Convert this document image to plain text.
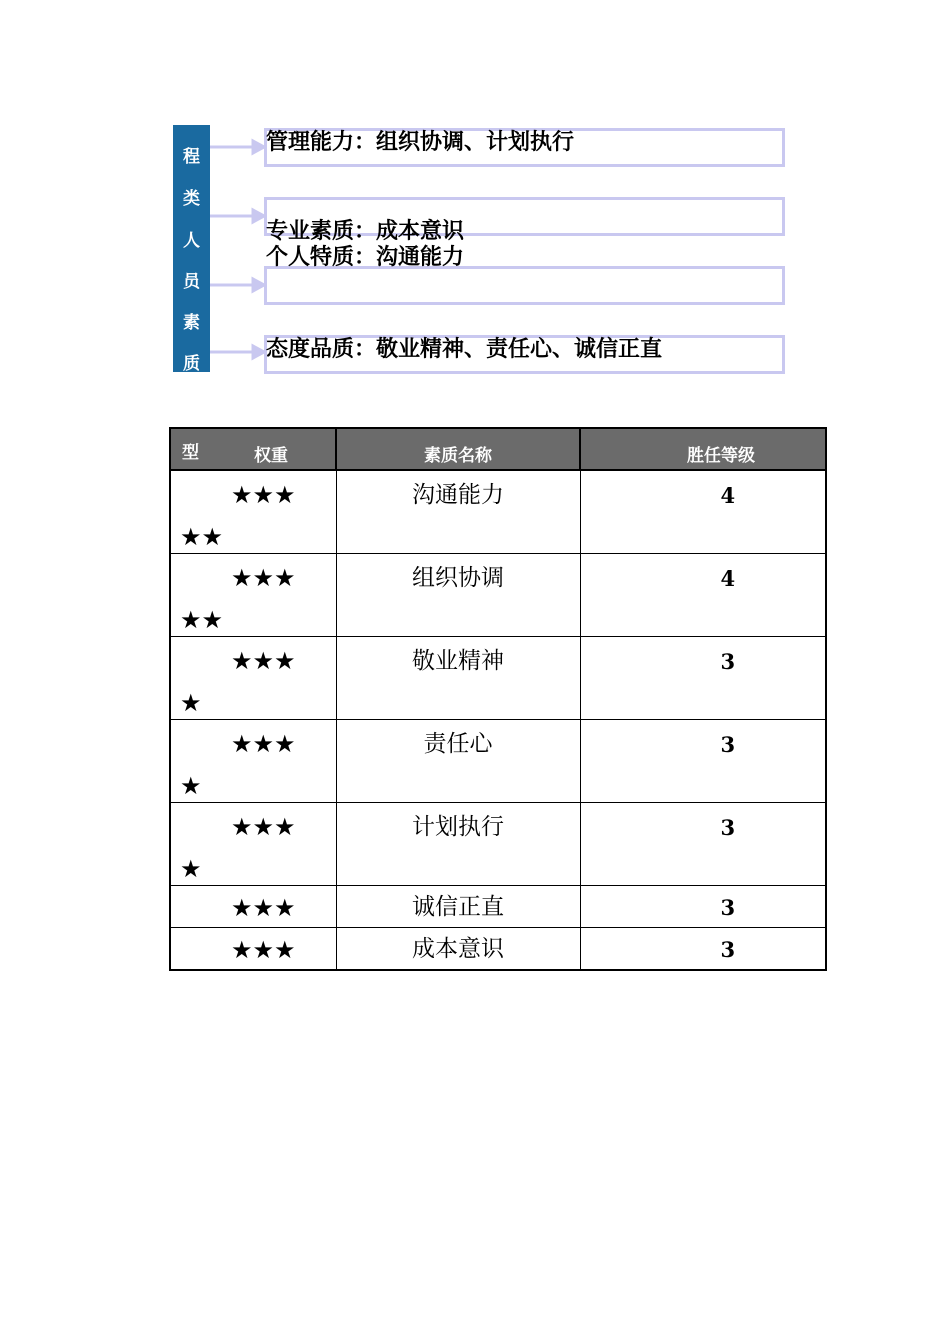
程
类
人
员
素
质
管理能力：组织协调、计划执行
专业素质：成本意识
个人特质：沟通能力
态度品质：敬业精神、责任心、诚信正直
型 权重	素质名称	胜任等级

★★★
★★	沟通能力	4

★★★
★★	组织协调	4

★★★
★	敬业精神	3

★★★
★	责任心	3

★★★
★	计划执行	3

★★★	诚信正直	3

★★★	成本意识	3
